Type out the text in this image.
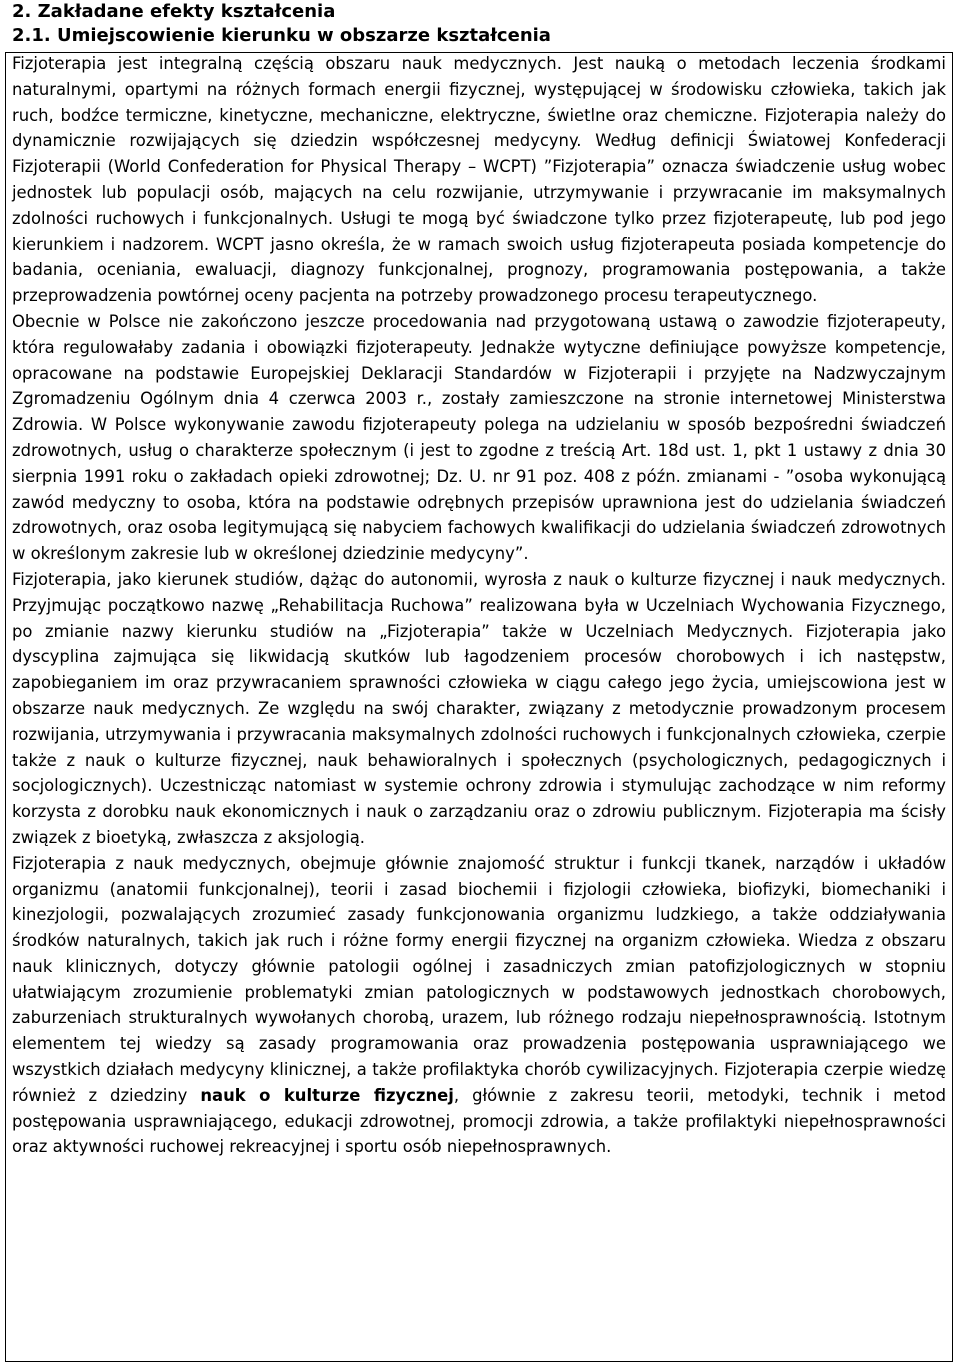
2. Zakładane efekty kształcenia
2.1. Umiejscowienie kierunku w obszarze kształcenia

Fizjoterapia jest integralną częścią obszaru nauk medycznych. Jest nauką o metodach leczenia środkami naturalnymi, opartymi na różnych formach energii fizycznej, występującej w środowisku człowieka, takich jak ruch, bodźce termiczne, kinetyczne, mechaniczne, elektryczne, świetlne oraz chemiczne. Fizjoterapia należy do dynamicznie rozwijających się dziedzin współczesnej medycyny. Według definicji Światowej Konfederacji Fizjoterapii (World Confederation for Physical Therapy – WCPT) ”Fizjoterapia” oznacza świadczenie usług wobec jednostek lub populacji osób, mających na celu rozwijanie, utrzymywanie i przywracanie im maksymalnych zdolności ruchowych i funkcjonalnych. Usługi te mogą być świadczone tylko przez fizjoterapeutę, lub pod jego kierunkiem i nadzorem. WCPT jasno określa, że w ramach swoich usług fizjoterapeuta posiada kompetencje do badania, oceniania, ewaluacji, diagnozy funkcjonalnej, prognozy, programowania postępowania, a także przeprowadzenia powtórnej oceny pacjenta na potrzeby prowadzonego procesu terapeutycznego.

Obecnie w Polsce nie zakończono jeszcze procedowania nad przygotowaną ustawą o zawodzie fizjoterapeuty, która regulowałaby zadania i obowiązki fizjoterapeuty. Jednakże wytyczne definiujące powyższe kompetencje, opracowane na podstawie Europejskiej Deklaracji Standardów w Fizjoterapii i przyjęte na Nadzwyczajnym Zgromadzeniu Ogólnym dnia 4 czerwca 2003 r., zostały zamieszczone na stronie internetowej Ministerstwa Zdrowia. W Polsce wykonywanie zawodu fizjoterapeuty polega na udzielaniu w sposób bezpośredni świadczeń zdrowotnych, usług o charakterze społecznym (i jest to zgodne z treścią Art. 18d ust. 1, pkt 1 ustawy z dnia 30 sierpnia 1991 roku o zakładach opieki zdrowotnej; Dz. U. nr 91 poz. 408 z późn. zmianami - ”osoba wykonującą zawód medyczny to osoba, która na podstawie odrębnych przepisów uprawniona jest do udzielania świadczeń zdrowotnych, oraz osoba legitymującą się nabyciem fachowych kwalifikacji do udzielania świadczeń zdrowotnych w określonym zakresie lub w określonej dziedzinie medycyny”.

Fizjoterapia, jako kierunek studiów, dążąc do autonomii, wyrosła z nauk o kulturze fizycznej i nauk medycznych. Przyjmując początkowo nazwę „Rehabilitacja Ruchowa” realizowana była w Uczelniach Wychowania Fizycznego, po zmianie nazwy kierunku studiów na „Fizjoterapia” także w Uczelniach Medycznych. Fizjoterapia jako dyscyplina zajmująca się likwidacją skutków lub łagodzeniem procesów chorobowych i ich następstw, zapobieganiem im oraz przywracaniem sprawności człowieka w ciągu całego jego życia, umiejscowiona jest w obszarze nauk medycznych. Ze względu na swój charakter, związany z metodycznie prowadzonym procesem rozwijania, utrzymywania i przywracania maksymalnych zdolności ruchowych i funkcjonalnych człowieka, czerpie także z nauk o kulturze fizycznej, nauk behawioralnych i społecznych (psychologicznych, pedagogicznych i socjologicznych). Uczestnicząc natomiast w systemie ochrony zdrowia i stymulując zachodzące w nim reformy korzysta z dorobku nauk ekonomicznych i nauk o zarządzaniu oraz o zdrowiu publicznym. Fizjoterapia ma ścisły związek z bioetyką, zwłaszcza z aksjologią.

Fizjoterapia z nauk medycznych, obejmuje głównie znajomość struktur i funkcji tkanek, narządów i układów organizmu (anatomii funkcjonalnej), teorii i zasad biochemii i fizjologii człowieka, biofizyki, biomechaniki i kinezjologii, pozwalających zrozumieć zasady funkcjonowania organizmu ludzkiego, a także oddziaływania środków naturalnych, takich jak ruch i różne formy energii fizycznej na organizm człowieka. Wiedza z obszaru nauk klinicznych, dotyczy głównie patologii ogólnej i zasadniczych zmian patofizjologicznych w stopniu ułatwiającym zrozumienie problematyki zmian patologicznych w podstawowych jednostkach chorobowych, zaburzeniach strukturalnych wywołanych chorobą, urazem, lub różnego rodzaju niepełnosprawnością. Istotnym elementem tej wiedzy są zasady programowania oraz prowadzenia postępowania usprawniającego we wszystkich działach medycyny klinicznej, a także profilaktyka chorób cywilizacyjnych. Fizjoterapia czerpie wiedzę również z dziedziny nauk o kulturze fizycznej, głównie z zakresu teorii, metodyki, technik i metod postępowania usprawniającego, edukacji zdrowotnej, promocji zdrowia, a także profilaktyki niepełnosprawności oraz aktywności ruchowej rekreacyjnej i sportu osób niepełnosprawnych.
